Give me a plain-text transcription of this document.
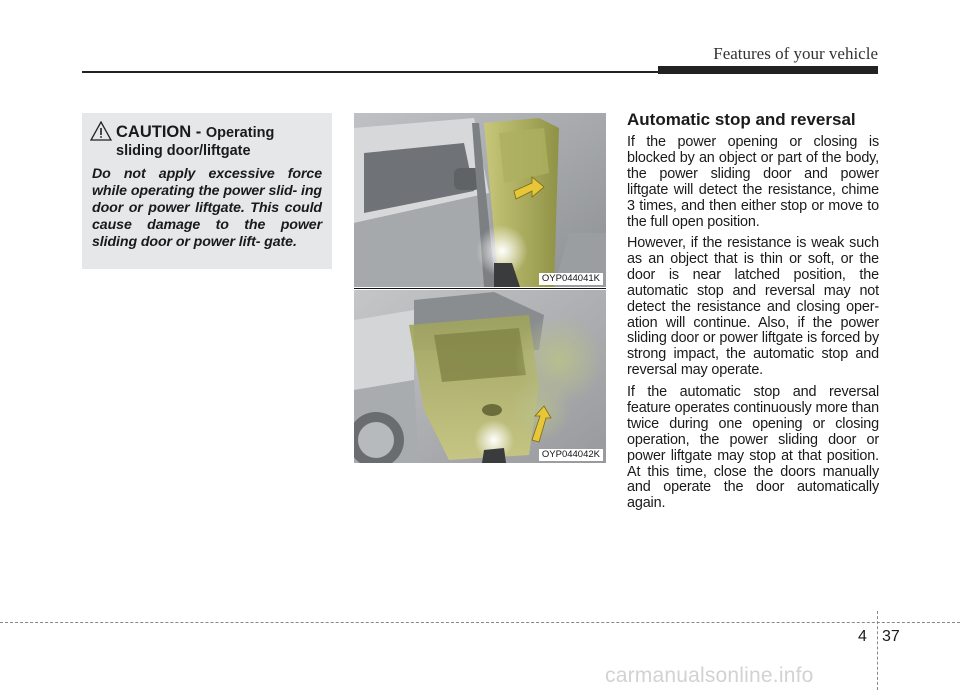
Features of your vehicle
CAUTION - Operating
sliding door/liftgate
Do not apply excessive force while operating the power slid- ing door or power liftgate. This could cause damage to the power sliding door or power lift- gate.
OYP044041K
OYP044042K
Automatic stop and reversal

If the power opening or closing is blocked by an object or part of the body, the power sliding door and power liftgate will detect the resistance, chime 3 times, and then either stop or move to the full open position.

However, if the resistance is weak such as an object that is thin or soft, or the door is near latched position, the automatic stop and reversal may not detect the resistance and closing oper- ation will continue. Also, if the power sliding door or power liftgate is forced by strong impact, the automatic stop and reversal may operate.

If the automatic stop and reversal feature operates continuously more than twice during one opening or closing operation, the power sliding door or power liftgate may stop at that position. At this time, close the doors manually and operate the door automatically again.

4 37
carmanualsonline.info
